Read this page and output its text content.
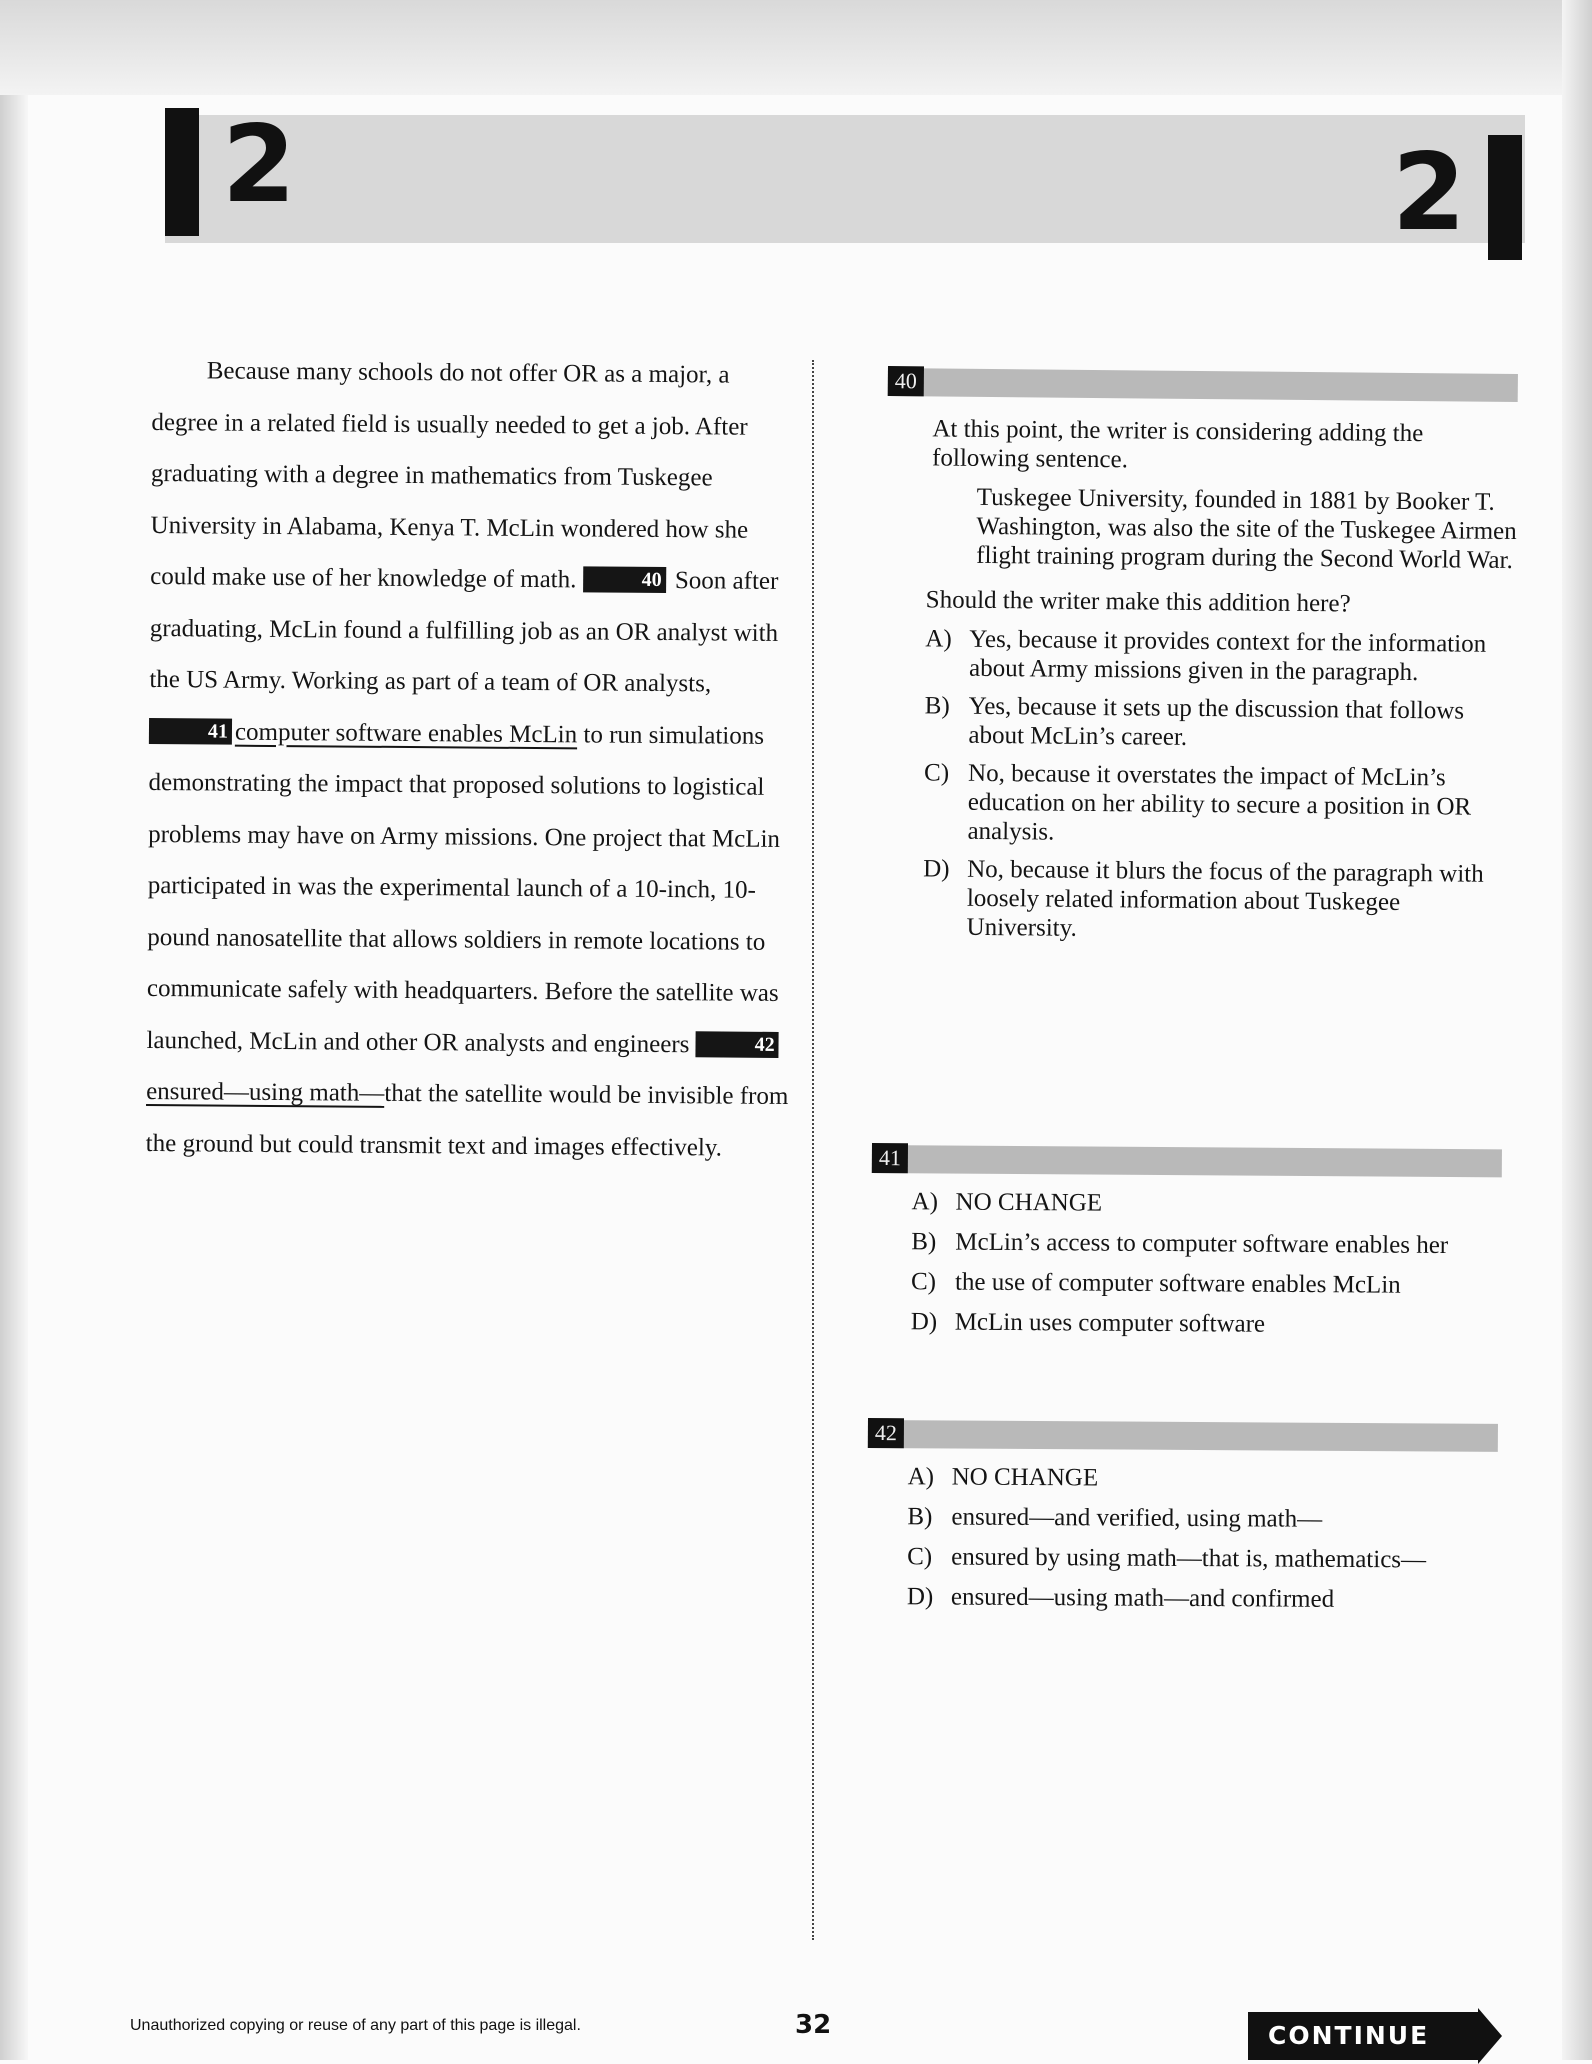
2	2

Because many schools do not offer OR as a major, a degree in a related field is usually needed to get a job. After graduating with a degree in mathematics from Tuskegee University in Alabama, Kenya T. McLin wondered how she could make use of her knowledge of math.	40 Soon after graduating, McLin found a fulfilling job as an OR analyst with the US Army. Working as part of a team of OR analysts, 41 computer software enables McLin to run simulations demonstrating the impact that proposed solutions to logistical problems may have on Army missions. One project that McLin participated in was the experimental launch of a 10-inch, 10-pound nanosatellite that allows soldiers in remote locations to communicate safely with headquarters. Before the satellite was launched, McLin and other OR analysts and engineers	42ensured—using math—that the satellite would be invisible from the ground but could transmit text and images effectively.

40
At this point, the writer is considering adding the following sentence.
Tuskegee University, founded in 1881 by Booker T. Washington, was also the site of the Tuskegee Airmen flight training program during the Second World War.
Should the writer make this addition here?
A) Yes, because it provides context for the information about Army missions given in the paragraph.
B) Yes, because it sets up the discussion that follows about McLin’s career.
C) No, because it overstates the impact of McLin’s education on her ability to secure a position in OR analysis.
D) No, because it blurs the focus of the paragraph with loosely related information about Tuskegee University.
41
A) NO CHANGE
B) McLin’s access to computer software enables her
C) the use of computer software enables McLin
D) McLin uses computer software
42
A) NO CHANGE
B) ensured—and verified, using math—
C) ensured by using math—that is, mathematics—
D) ensured—using math—and confirmed
Unauthorized copying or reuse of any part of this page is illegal.	32	CONTINUE
